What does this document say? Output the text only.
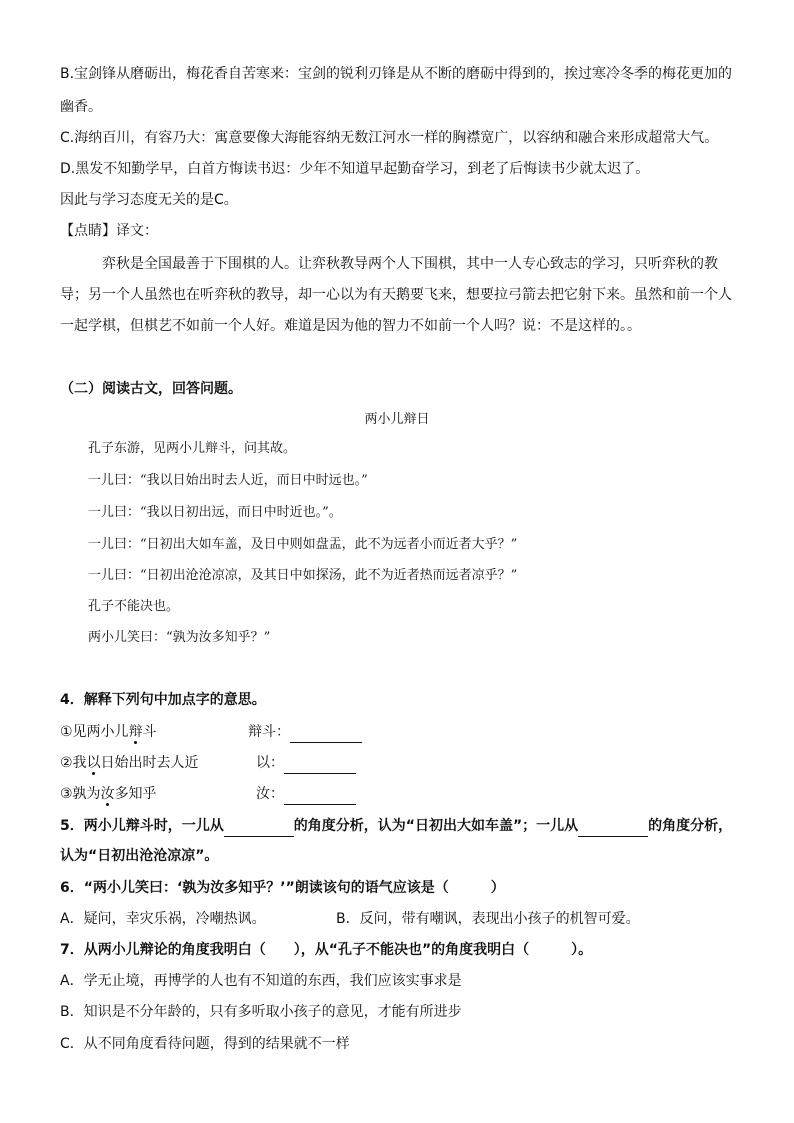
B.宝剑锋从磨砺出，梅花香自苦寒来：宝剑的锐利刃锋是从不断的磨砺中得到的，挨过寒冷冬季的梅花更加的
幽香。
C.海纳百川，有容乃大：寓意要像大海能容纳无数江河水一样的胸襟宽广，以容纳和融合来形成超常大气。
D.黑发不知勤学早，白首方悔读书迟：少年不知道早起勤奋学习，到老了后悔读书少就太迟了。
因此与学习态度无关的是C。
【点睛】译文：
弈秋是全国最善于下围棋的人。让弈秋教导两个人下围棋，其中一人专心致志的学习，只听弈秋的教
导；另一个人虽然也在听弈秋的教导，却一心以为有天鹅要飞来，想要拉弓箭去把它射下来。虽然和前一个人
一起学棋，但棋艺不如前一个人好。难道是因为他的智力不如前一个人吗？说：不是这样的。。
（二）阅读古文，回答问题。
两小儿辩日
孔子东游，见两小儿辩斗，问其故。
一儿曰：“我以日始出时去人近，而日中时远也。”
一儿曰：“我以日初出远，而日中时近也。”。
一儿曰：“日初出大如车盖，及日中则如盘盂，此不为远者小而近者大乎？”
一儿曰：“日初出沧沧凉凉，及其日中如探汤，此不为近者热而远者凉乎？”
孔子不能决也。
两小儿笑曰：“孰为汝多知乎？”
4．解释下列句中加点字的意思。
①见两小儿辩斗	辩斗：
②我以日始出时去人近	以：
③孰为汝多知乎	汝：
5．两小儿辩斗时，一儿从	的角度分析，认为“日初出大如车盖”；一儿从	的角度分析，
认为“日初出沧沧凉凉”。
6．“两小儿笑曰：‘孰为汝多知乎？’”朗读该句的语气应该是（　　　）
A．疑问，幸灾乐祸，冷嘲热讽。	B．反问，带有嘲讽，表现出小孩子的机智可爱。
7．从两小儿辩论的角度我明白（　　），从“孔子不能决也”的角度我明白（　　　）。
A．学无止境，再博学的人也有不知道的东西，我们应该实事求是
B．知识是不分年龄的，只有多听取小孩子的意见，才能有所进步
C．从不同角度看待问题，得到的结果就不一样
